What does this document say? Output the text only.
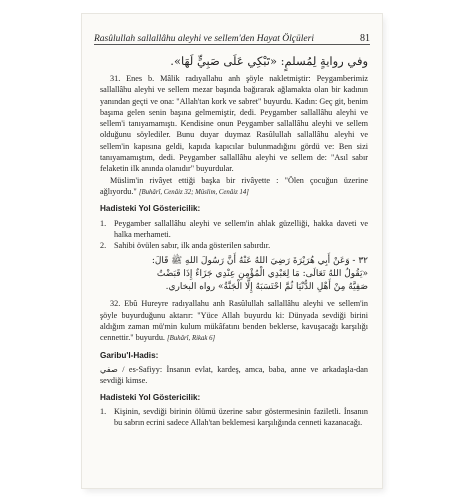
Rasûlullah sallallâhu aleyhi ve sellem'den Hayat Ölçüleri	81
وفي روايةٍ لِمُسلمٍ: «تَبْكِي عَلَى صَبِيٍّ لَهَا».

31. Enes b. Mâlik radıyallahu anh şöyle nakletmiştir: Peygamberimiz sallallâhu aleyhi ve sellem mezar başında bağırarak ağlamakta olan bir kadının yanından geçti ve ona: "Allah'tan kork ve sabret" buyurdu. Kadın: Geç git, benim başıma gelen senin başına gelmemiştir, dedi. Peygamber sallallâhu aleyhi ve sellem'i tanıyamamıştı. Kendisine onun Peygamber sallallâhu aleyhi ve sellem olduğunu söylediler. Bunu duyar duymaz Rasûlullah sallallâhu aleyhi ve sellem'in kapısına geldi, kapıda kapıcılar bulunmadığını gördü ve: Ben sizi tanıyamamıştım, dedi. Peygamber sallallâhu aleyhi ve sellem de: "Asıl sabır felaketin ilk anında olanıdır" buyurdular.

Müslim'in rivâyet ettiği başka bir rivâyette : "Ölen çocuğun üzerine ağlıyordu." [Buhârî, Cenâiz 32; Müslim, Cenâiz 14]

Hadisteki Yol Göstericilik:
1. Peygamber sallallâhu aleyhi ve sellem'in ahlak güzelliği, hakka daveti ve halka merhameti.
2. Sahibi övülen sabır, ilk anda gösterilen sabırdır.
٣٢ - وَعَنْ أَبِي هُرَيْرَةَ رَضِيَ اللهُ عَنْهُ أَنَّ رَسُولَ اللهِ ﷺ قَالَ:
«يَقُولُ اللهُ تَعَالَى: مَا لِعَبْدِي الْمُؤْمِنِ عِنْدِي جَزَاءٌ إِذَا قَبَضْتُ
صَفِيَّهُ مِنْ أَهْلِ الدُّنْيَا ثُمَّ احْتَسَبَهُ إِلَّا الْجَنَّةُ» رواه البخاري.

32. Ebû Hureyre radıyallahu anh Rasûlullah sallallâhu aleyhi ve sellem'in şöyle buyurduğunu aktarır: "Yüce Allah buyurdu ki: Dünyada sevdiği birini aldığım zaman mü'min kulum mükâfatını benden beklerse, kavuşacağı karşılığı cennettir." buyurdu. [Buhârî, Rikak 6]

Garibu'l-Hadis:

صفي / es-Safiyy: İnsanın evlat, kardeş, amca, baba, anne ve arkadaşla-dan sevdiği kimse.

Hadisteki Yol Göstericilik:
1. Kişinin, sevdiği birinin ölümü üzerine sabır göstermesinin faziletli. İnsanın bu sabrın ecrini sadece Allah'tan beklemesi karşılığında cenneti kazanacağı.
